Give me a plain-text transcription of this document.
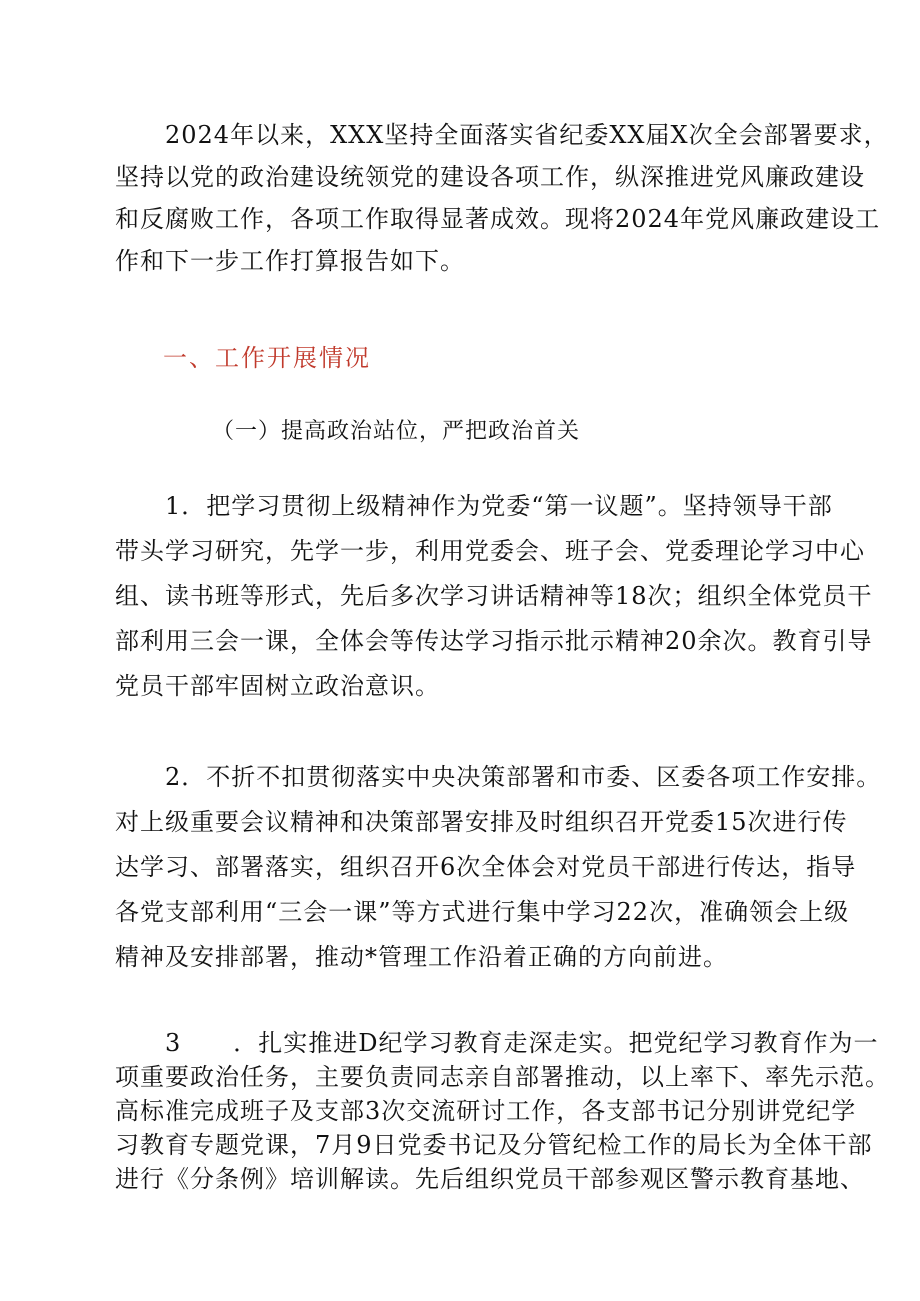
2024年以来，XXX坚持全面落实省纪委XX届X次全会部署要求，
坚持以党的政治建设统领党的建设各项工作，纵深推进党风廉政建设
和反腐败工作，各项工作取得显著成效。现将2024年党风廉政建设工
作和下一步工作打算报告如下。

一、工作开展情况
（一）提高政治站位，严把政治首关

1．把学习贯彻上级精神作为党委“第一议题”。坚持领导干部
带头学习研究，先学一步，利用党委会、班子会、党委理论学习中心
组、读书班等形式，先后多次学习讲话精神等18次；组织全体党员干
部利用三会一课，全体会等传达学习指示批示精神20余次。教育引导
党员干部牢固树立政治意识。

2．不折不扣贯彻落实中央决策部署和市委、区委各项工作安排。
对上级重要会议精神和决策部署安排及时组织召开党委15次进行传
达学习、部署落实，组织召开6次全体会对党员干部进行传达，指导
各党支部利用“三会一课”等方式进行集中学习22次，准确领会上级
精神及安排部署，推动*管理工作沿着正确的方向前进。

3 ．扎实推进D纪学习教育走深走实。把党纪学习教育作为一
项重要政治任务，主要负责同志亲自部署推动，以上率下、率先示范。
高标准完成班子及支部3次交流研讨工作，各支部书记分别讲党纪学
习教育专题党课，7月9日党委书记及分管纪检工作的局长为全体干部
进行《分条例》培训解读。先后组织党员干部参观区警示教育基地、
